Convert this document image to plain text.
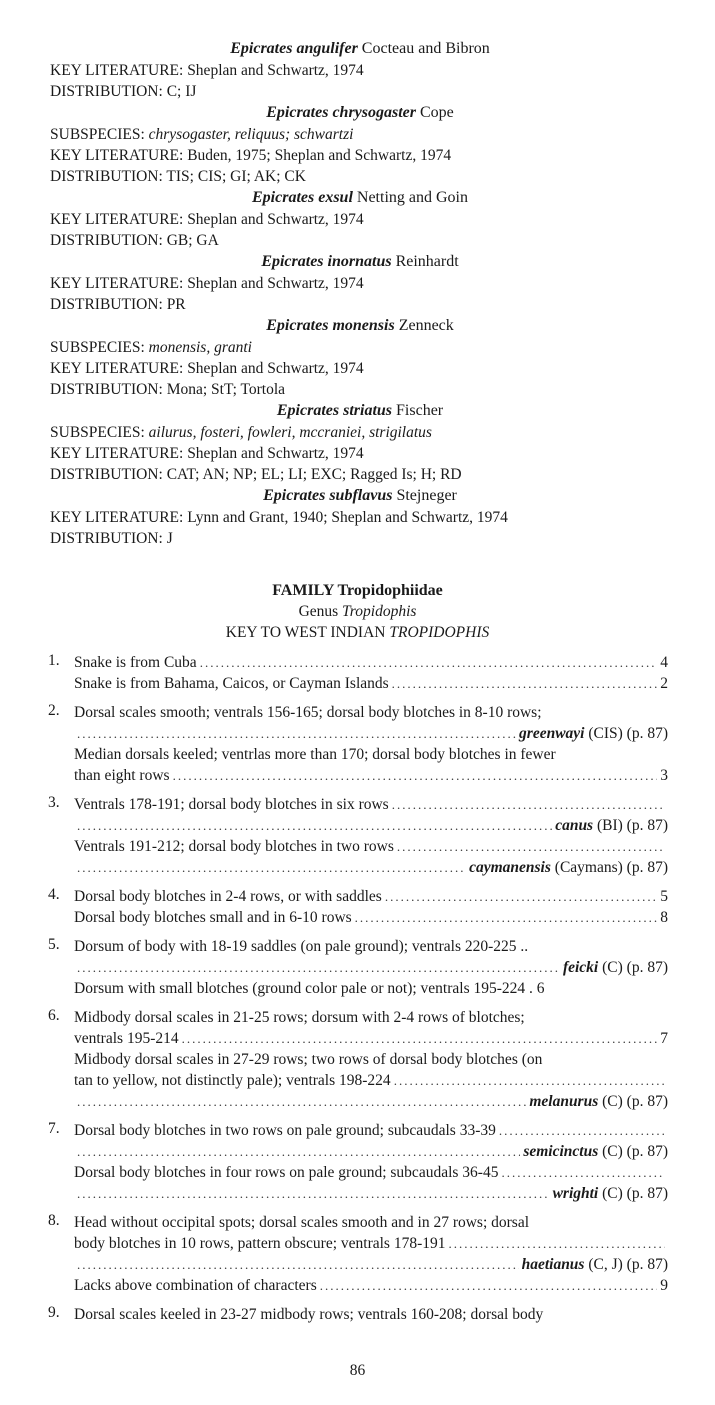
Epicrates angulifer Cocteau and Bibron
KEY LITERATURE: Sheplan and Schwartz, 1974
DISTRIBUTION: C; IJ
Epicrates chrysogaster Cope
SUBSPECIES: chrysogaster, reliquus; schwartzi
KEY LITERATURE: Buden, 1975; Sheplan and Schwartz, 1974
DISTRIBUTION: TIS; CIS; GI; AK; CK
Epicrates exsul Netting and Goin
KEY LITERATURE: Sheplan and Schwartz, 1974
DISTRIBUTION: GB; GA
Epicrates inornatus Reinhardt
KEY LITERATURE: Sheplan and Schwartz, 1974
DISTRIBUTION: PR
Epicrates monensis Zenneck
SUBSPECIES: monensis, granti
KEY LITERATURE: Sheplan and Schwartz, 1974
DISTRIBUTION: Mona; StT; Tortola
Epicrates striatus Fischer
SUBSPECIES: ailurus, fosteri, fowleri, mccraniei, strigilatus
KEY LITERATURE: Sheplan and Schwartz, 1974
DISTRIBUTION: CAT; AN; NP; EL; LI; EXC; Ragged Is; H; RD
Epicrates subflavus Stejneger
KEY LITERATURE: Lynn and Grant, 1940; Sheplan and Schwartz, 1974
DISTRIBUTION: J
FAMILY Tropidophiidae
Genus Tropidophis
KEY TO WEST INDIAN TROPIDOPHIS
1. Snake is from Cuba .....	4
Snake is from Bahama, Caicos, or Cayman Islands .....	2
2. Dorsal scales smooth; ventrals 156-165; dorsal body blotches in 8-10 rows;
.....
greenwayi (CIS) (p. 87)
Median dorsals keeled; ventrlas more than 170; dorsal body blotches in fewer
than eight rows .....	3
3. Ventrals 178-191; dorsal body blotches in six rows
.....
.....
canus (BI) (p. 87)
Ventrals 191-212; dorsal body blotches in two rows
.....
.....
caymanensis (Caymans) (p. 87)
4. Dorsal body blotches in 2-4 rows, or with saddles .....	5
Dorsal body blotches small and in 6-10 rows .....	8
5. Dorsum of body with 18-19 saddles (on pale ground); ventrals 220-225 ..
.....
feicki (C) (p. 87)
Dorsum with small blotches (ground color pale or not); ventrals 195-224 . 6
6. Midbody dorsal scales in 21-25 rows; dorsum with 2-4 rows of blotches;
ventrals 195-214 .....	7
Midbody dorsal scales in 27-29 rows; two rows of dorsal body blotches (on
tan to yellow, not distinctly pale); ventrals 198-224
.....
.....
melanurus (C) (p. 87)
7. Dorsal body blotches in two rows on pale ground; subcaudals 33-39
.....
.....
semicinctus (C) (p. 87)
Dorsal body blotches in four rows on pale ground; subcaudals 36-45
.....
.....
wrighti (C) (p. 87)
8. Head without occipital spots; dorsal scales smooth and in 27 rows; dorsal
body blotches in 10 rows, pattern obscure; ventrals 178-191
.....
.....
haetianus (C, J) (p. 87)
Lacks above combination of characters .....	9
9. Dorsal scales keeled in 23-27 midbody rows; ventrals 160-208; dorsal body
86
